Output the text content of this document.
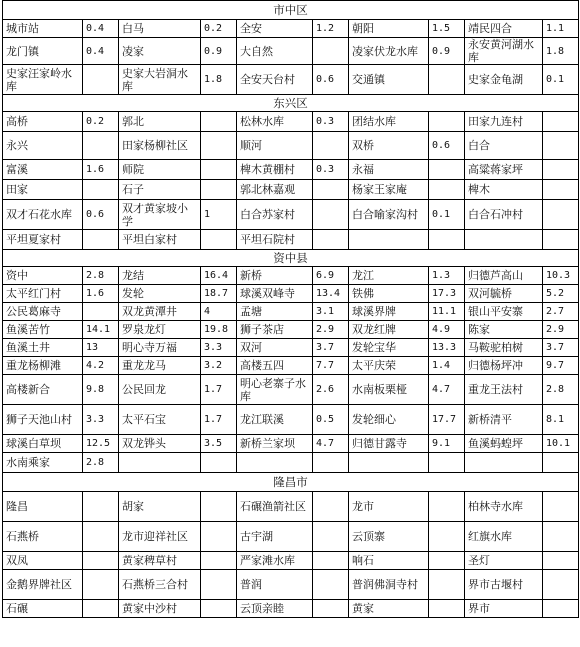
市中区									
城市站	0.4	白马	0.2	全安	1.2	朝阳	1.5	靖民四合	1.1
龙门镇	0.4	凌家	0.9	大自然		凌家伏龙水库	0.9	永安黄河湖水库	1.8
史家汪家岭水库		史家大岩洞水库	1.8	全安天台村	0.6	交通镇		史家金龟湖	0.1
东兴区									
高桥	0.2	郭北		松林水库	0.3	团结水库		田家九连村	
永兴		田家杨柳社区		顺河		双桥	0.6	白合	
富溪	1.6	师院		椑木黄棚村	0.3	永福		高粱蒋家坪	
田家		石子		郭北林嘉观		杨家王家庵		椑木	
双才石花水库	0.6	双才黄家坡小学	1	白合苏家村		白合喻家沟村	0.1	白合石冲村	
平坦夏家村		平坦白家村		平坦石院村					
资中县									
资中	2.8	龙结	16.4	新桥	6.9	龙江	1.3	归德芦高山	10.3
太平红门村	1.6	发轮	18.7	球溪双峰寺	13.4	铁佛	17.3	双河毓桥	5.2
公民葛麻寺		双龙黄潭井	4	孟塘	3.1	球溪界牌	11.1	银山平安寨	2.7
鱼溪苦竹	14.1	罗泉龙灯	19.8	狮子茶店	2.9	双龙红牌	4.9	陈家	2.9
鱼溪土井	13	明心寺万福	3.3	双河	3.7	发轮宝华	13.3	马鞍驼柏树	3.7
重龙杨柳滩	4.2	重龙龙马	3.2	高楼五四	7.7	太平庆荣	1.4	归德杨坪冲	9.7
高楼新合	9.8	公民回龙	1.7	明心老寨子水库	2.6	水南板栗桠	4.7	重龙王法村	2.8
狮子天池山村	3.3	太平石宝	1.7	龙江联溪	0.5	发轮细心	17.7	新桥清平	8.1
球溪白草坝	12.5	双龙铧头	3.5	新桥兰家坝	4.7	归德甘露寺	9.1	鱼溪蚂蝗坪	10.1
水南乘家	2.8								
隆昌市									
隆昌		胡家		石碾渔箭社区		龙市		柏林寺水库	
石燕桥		龙市迎祥社区		古宇湖		云顶寨		红旗水库	
双凤		黄家稗草村		严家滩水库		响石		圣灯	
金鹅界牌社区		石燕桥三合村		普润		普润佛洞寺村		界市古堰村	
石碾		黄家中沙村		云顶亲睦		黄家		界市	
